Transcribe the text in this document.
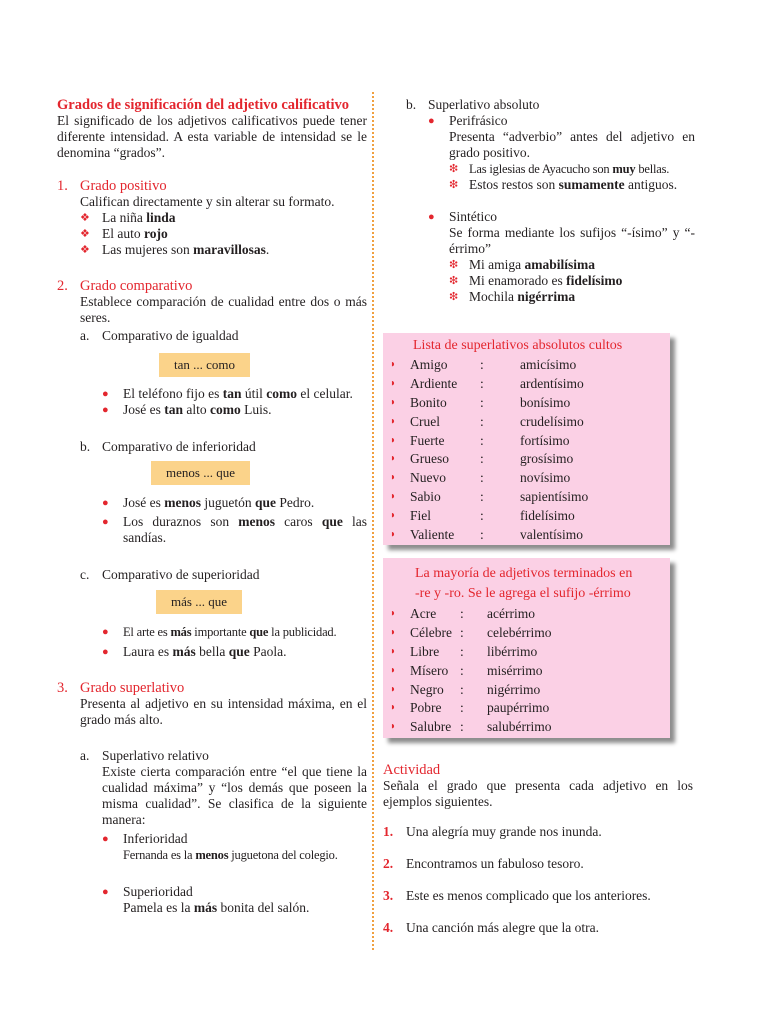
Grados de significación del adjetivo calificativo

El significado de los adjetivos calificativos puede tener diferente intensidad. A esta variable de intensidad se le denomina “grados”.

1. Grado positivo

Califican directamente y sin alterar su formato.

❖ La niña linda
❖ El auto rojo
❖ Las mujeres son maravillosas.
2. Grado comparativo

Establece comparación de cualidad entre dos o más seres.

a. Comparativo de igualdad
tan ... como
●	El teléfono fijo es tan útil como el celular.
●	José es tan alto como Luis.
b. Comparativo de inferioridad
menos ... que
●	José es menos juguetón que Pedro.
●	Los duraznos son menos caros que las sandías.
c. Comparativo de superioridad
más ... que
●	El arte es más importante que la publicidad.
●	Laura es más bella que Paola.
3. Grado superlativo

Presenta al adjetivo en su intensidad máxima, en el grado más alto.

a. Superlativo relativo

Existe cierta comparación entre “el que tiene la cualidad máxima” y “los demás que poseen la misma cualidad”. Se clasifica de la siguiente manera:

●	Inferioridad
Fernanda es la menos juguetona del colegio.
●	Superioridad
Pamela es la más bonita del salón.
b. Superlativo absoluto
●	Perifrásico

Presenta “adverbio” antes del adjetivo en grado positivo.

❇ Las iglesias de Ayacucho son muy bellas.
❇ Estos restos son sumamente antiguos.
●	Sintético

Se forma mediante los sufijos “-ísimo” y “-érrimo”

❇ Mi amiga amabilísima
❇ Mi enamorado es fidelísimo
❇ Mochila nigérrima
Lista de superlativos absolutos cultos
◗	Amigo	:	amicísimo
◗	Ardiente	:	ardentísimo
◗	Bonito	:	bonísimo
◗	Cruel	:	crudelísimo
◗	Fuerte	:	fortísimo
◗	Grueso	:	grosísimo
◗	Nuevo	:	novísimo
◗	Sabio	:	sapientísimo
◗	Fiel	:	fidelísimo
◗	Valiente	:	valentísimo
La mayoría de adjetivos terminados en
-re y -ro. Se le agrega el sufijo -érrimo
◗	Acre	:	acérrimo
◗	Célebre :	celebérrimo
◗	Libre	:	libérrimo
◗	Mísero :	misérrimo
◗	Negro	:	nigérrimo
◗	Pobre	:	paupérrimo
◗	Salubre :	salubérrimo
Actividad

Señala el grado que presenta cada adjetivo en los ejemplos siguientes.

1. Una alegría muy grande nos inunda.
2. Encontramos un fabuloso tesoro.
3. Este es menos complicado que los anteriores.
4. Una canción más alegre que la otra.
